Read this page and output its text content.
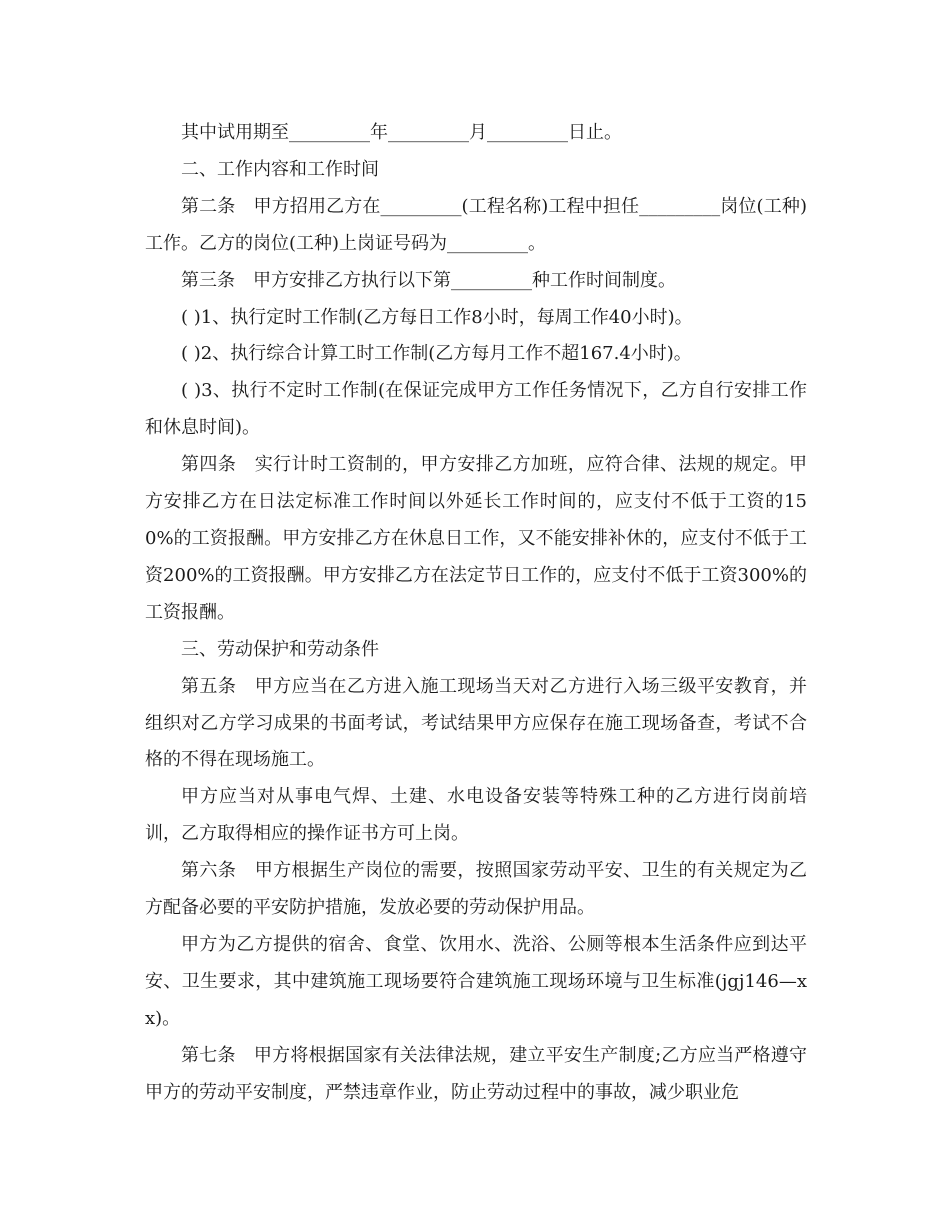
其中试用期至_________年_________月_________日止。

二、工作内容和工作时间

第二条　甲方招用乙方在_________(工程名称)工程中担任_________岗位(工种)工作。乙方的岗位(工种)上岗证号码为_________。

第三条　甲方安排乙方执行以下第_________种工作时间制度。

( )1、执行定时工作制(乙方每日工作8小时，每周工作40小时)。

( )2、执行综合计算工时工作制(乙方每月工作不超167.4小时)。

( )3、执行不定时工作制(在保证完成甲方工作任务情况下，乙方自行安排工作和休息时间)。

第四条　实行计时工资制的，甲方安排乙方加班，应符合律、法规的规定。甲方安排乙方在日法定标准工作时间以外延长工作时间的，应支付不低于工资的150%的工资报酬。甲方安排乙方在休息日工作，又不能安排补休的，应支付不低于工资200%的工资报酬。甲方安排乙方在法定节日工作的，应支付不低于工资300%的工资报酬。

三、劳动保护和劳动条件

第五条　甲方应当在乙方进入施工现场当天对乙方进行入场三级平安教育，并组织对乙方学习成果的书面考试，考试结果甲方应保存在施工现场备查，考试不合格的不得在现场施工。

甲方应当对从事电气焊、土建、水电设备安装等特殊工种的乙方进行岗前培训，乙方取得相应的操作证书方可上岗。

第六条　甲方根据生产岗位的需要，按照国家劳动平安、卫生的有关规定为乙方配备必要的平安防护措施，发放必要的劳动保护用品。

甲方为乙方提供的宿舍、食堂、饮用水、洗浴、公厕等根本生活条件应到达平安、卫生要求，其中建筑施工现场要符合建筑施工现场环境与卫生标准(jgj146—xx)。

第七条　甲方将根据国家有关法律法规，建立平安生产制度;乙方应当严格遵守甲方的劳动平安制度，严禁违章作业，防止劳动过程中的事故，减少职业危
